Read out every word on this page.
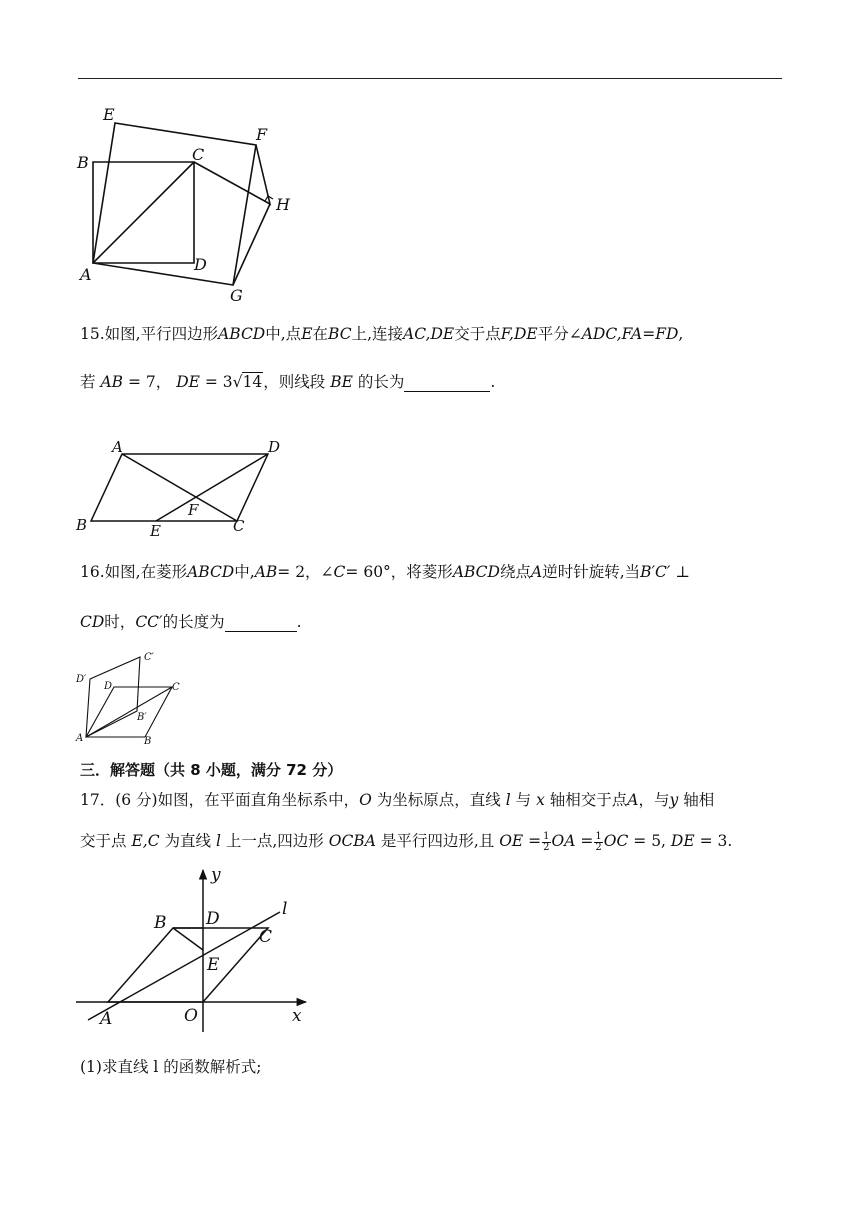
E
F
B	C
H
A
D
G
15.如图,平行四边形ABCD中,点E在BC上,连接AC,DE交于点F,DE平分∠ADC,FA=FD,
若 AB = 7， DE = 3√14，则线段 BE 的长为	.
A	D
B	E
F
C
16.如图,在菱形ABCD中,AB= 2，∠C= 60°，将菱形ABCD绕点A逆时针旋转,当B′C′ ⊥
CD时，CC′的长度为	.
C′
D′
D	C
B′
A	B
三．解答题（共 8 小题，满分 72 分）
17．(6 分)如图，在平面直角坐标系中，O 为坐标原点，直线 l 与 x 轴相交于点A，与y 轴相
交于点 E,C 为直线 l 上一点,四边形 OCBA 是平行四边形,且 OE = $\frac{1}{2}$ OA = $\frac{1}{2}$ OC = 5, DE = 3.
y
l
B D
C
E
A	O	x
(1)求直线 l 的函数解析式;
